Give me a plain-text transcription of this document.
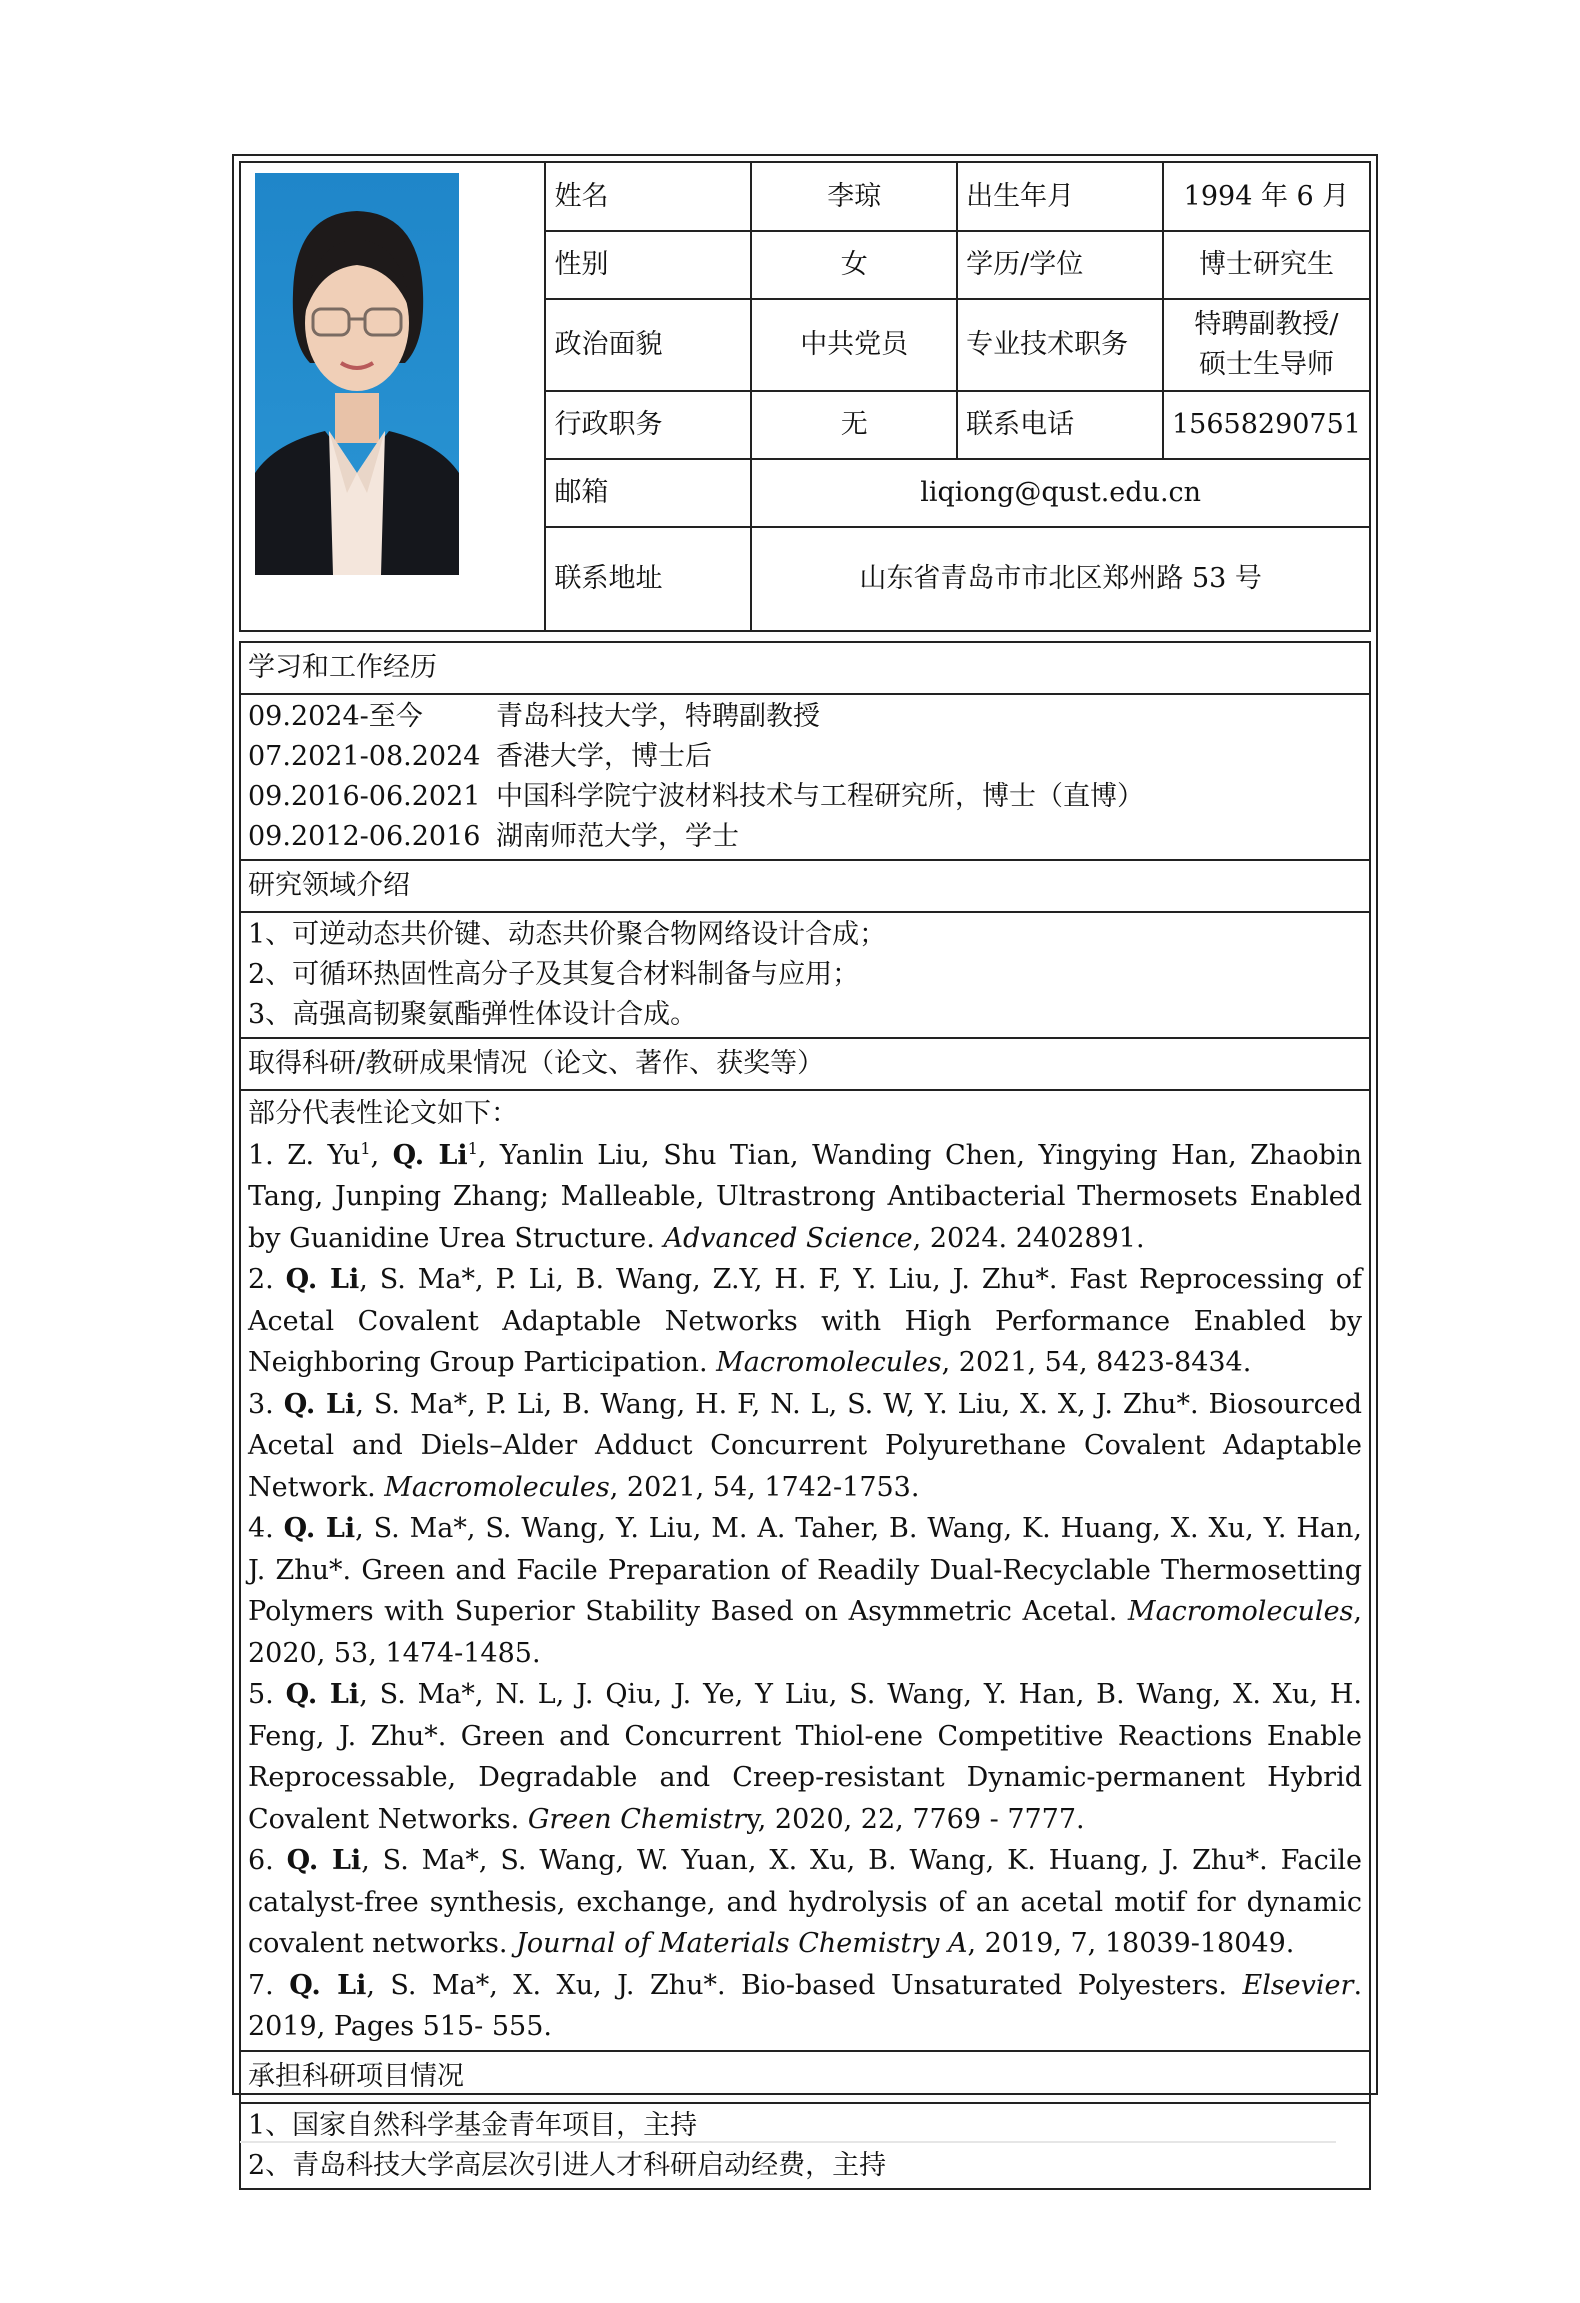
	姓名	李琼	出生年月	1994 年 6 月
	性别	女	学历/学位	博士研究生
	政治面貌	中共党员	专业技术职务	特聘副教授/
硕士生导师

	行政职务	无	联系电话	15658290751
	邮箱	liqiong@qust.edu.cn		
	联系地址	山东省青岛市市北区郑州路 53 号		
学习和工作经历

09.2024-至今	青岛科技大学，特聘副教授
07.2021-08.2024 香港大学，博士后
09.2016-06.2021 中国科学院宁波材料技术与工程研究所，博士（直博）
09.2012-06.2016 湖南师范大学，学士

研究领域介绍

1、可逆动态共价键、动态共价聚合物网络设计合成；
2、可循环热固性高分子及其复合材料制备与应用；
3、高强高韧聚氨酯弹性体设计合成。

取得科研/教研成果情况（论文、著作、获奖等）

部分代表性论文如下：
1. Z. Yu$^1$, Q. Li$^1$, Yanlin Liu, Shu Tian, Wanding Chen, Yingying Han, Zhaobin Tang, Junping Zhang; Malleable, Ultrastrong Antibacterial Thermosets Enabled by Guanidine Urea Structure. Advanced Science, 2024. 2402891.
2. Q. Li, S. Ma*, P. Li, B. Wang, Z.Y, H. F, Y. Liu, J. Zhu*. Fast Reprocessing of Acetal Covalent Adaptable Networks with High Performance Enabled by Neighboring Group Participation. Macromolecules, 2021, 54, 8423-8434.
3. Q. Li, S. Ma*, P. Li, B. Wang, H. F, N. L, S. W, Y. Liu, X. X, J. Zhu*. Biosourced Acetal and Diels–Alder Adduct Concurrent Polyurethane Covalent Adaptable Network. Macromolecules, 2021, 54, 1742-1753.
4. Q. Li, S. Ma*, S. Wang, Y. Liu, M. A. Taher, B. Wang, K. Huang, X. Xu, Y. Han, J. Zhu*. Green and Facile Preparation of Readily Dual-Recyclable Thermosetting Polymers with Superior Stability Based on Asymmetric Acetal. Macromolecules, 2020, 53, 1474-1485.
5. Q. Li, S. Ma*, N. L, J. Qiu, J. Ye, Y Liu, S. Wang, Y. Han, B. Wang, X. Xu, H. Feng, J. Zhu*. Green and Concurrent Thiol-ene Competitive Reactions Enable Reprocessable, Degradable and Creep-resistant Dynamic-permanent Hybrid Covalent Networks. Green Chemistry, 2020, 22, 7769 - 7777.
6. Q. Li, S. Ma*, S. Wang, W. Yuan, X. Xu, B. Wang, K. Huang, J. Zhu*. Facile catalyst-free synthesis, exchange, and hydrolysis of an acetal motif for dynamic covalent networks. Journal of Materials Chemistry A, 2019, 7, 18039-18049.
7. Q. Li, S. Ma*, X. Xu, J. Zhu*. Bio-based Unsaturated Polyesters. Elsevier. 2019, Pages 515- 555.

承担科研项目情况

1、国家自然科学基金青年项目，主持
2、青岛科技大学高层次引进人才科研启动经费，主持
